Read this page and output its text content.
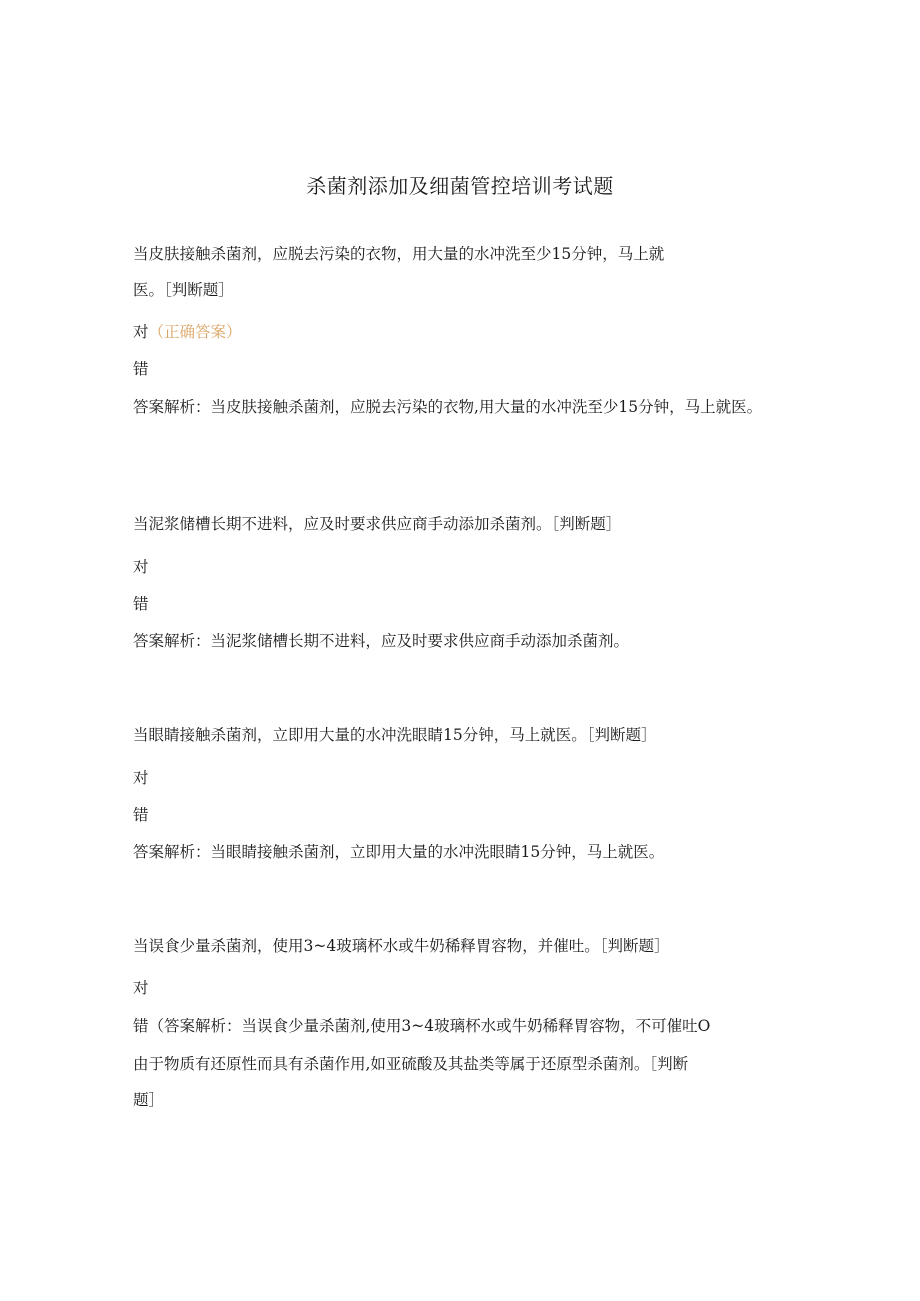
杀菌剂添加及细菌管控培训考试题
当皮肤接触杀菌剂，应脱去污染的衣物，用大量的水冲洗至少15分钟，马上就
医。［判断题］
对（正确答案）
错
答案解析：当皮肤接触杀菌剂，应脱去污染的衣物,用大量的水冲洗至少15分钟，马上就医。
当泥浆储槽长期不进料，应及时要求供应商手动添加杀菌剂。［判断题］
对
错
答案解析：当泥浆储槽长期不进料，应及时要求供应商手动添加杀菌剂。
当眼睛接触杀菌剂，立即用大量的水冲洗眼睛15分钟，马上就医。［判断题］
对
错
答案解析：当眼睛接触杀菌剂，立即用大量的水冲洗眼睛15分钟，马上就医。
当误食少量杀菌剂，使用3~4玻璃杯水或牛奶稀释胃容物，并催吐。［判断题］
对
错（答案解析：当误食少量杀菌剂,使用3~4玻璃杯水或牛奶稀释胃容物，不可催吐O
由于物质有还原性而具有杀菌作用,如亚硫酸及其盐类等属于还原型杀菌剂。［判断
题］
